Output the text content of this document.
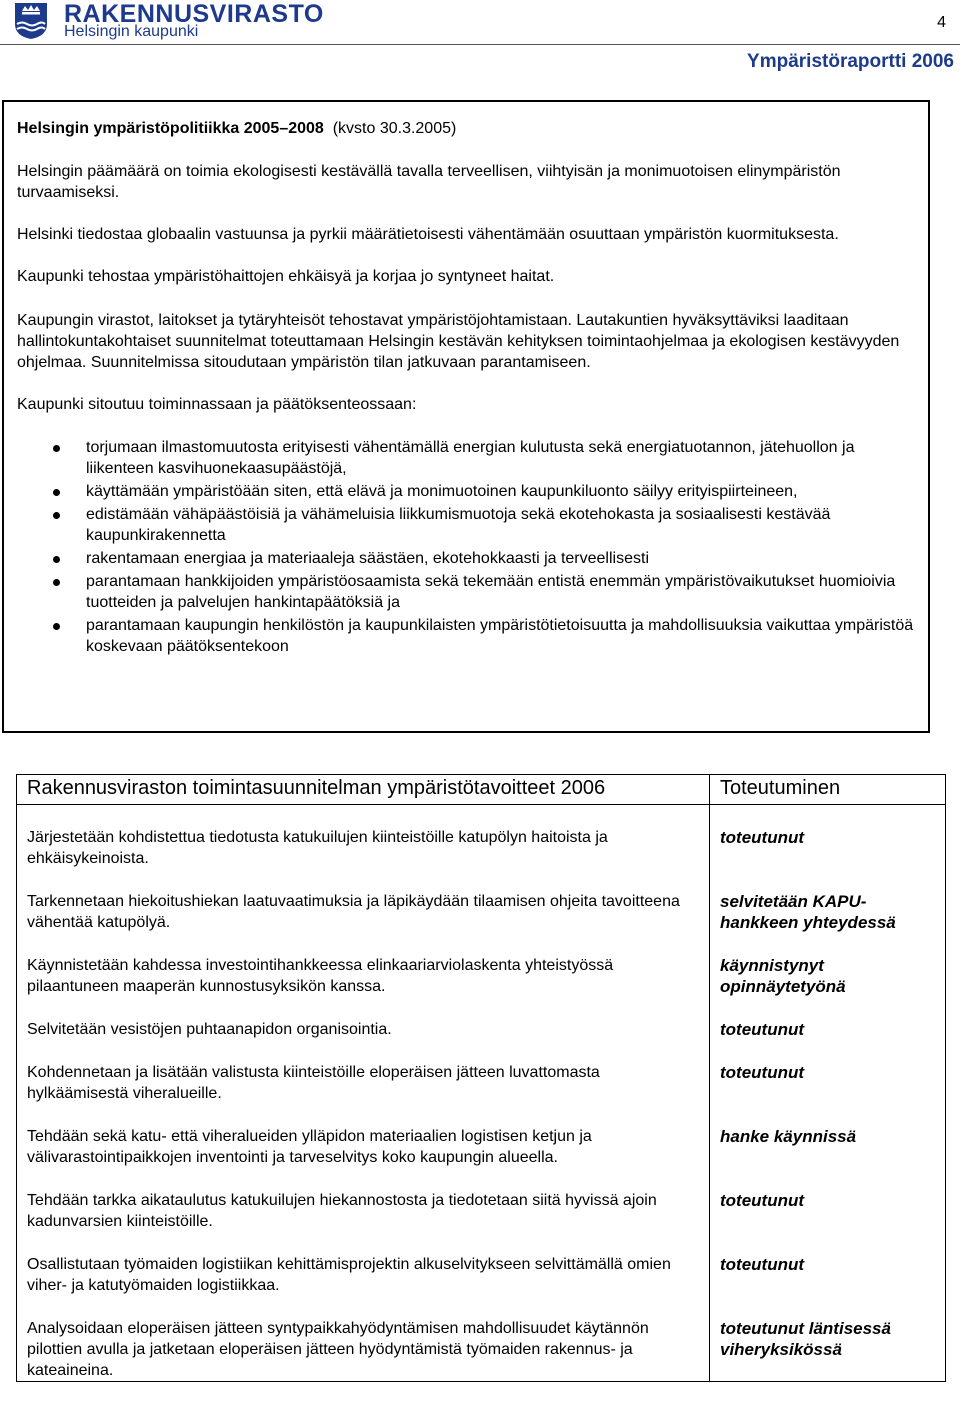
RAKENNUSVIRASTO
Helsingin kaupunki
4
Ympäristöraportti 2006
Helsingin ympäristöpolitiikka 2005–2008 (kvsto 30.3.2005)

Helsingin päämäärä on toimia ekologisesti kestävällä tavalla terveellisen, viihtyisän ja monimuotoisen elinympäristön turvaamiseksi.

Helsinki tiedostaa globaalin vastuunsa ja pyrkii määrätietoisesti vähentämään osuuttaan ympäristön kuormituksesta.

Kaupunki tehostaa ympäristöhaittojen ehkäisyä ja korjaa jo syntyneet haitat.

Kaupungin virastot, laitokset ja tytäryhteisöt tehostavat ympäristöjohtamistaan. Lautakuntien hyväksyttäviksi laaditaan hallintokuntakohtaiset suunnitelmat toteuttamaan Helsingin kestävän kehityksen toimintaohjelmaa ja ekologisen kestävyyden ohjelmaa. Suunnitelmissa sitoudutaan ympäristön tilan jatkuvaan parantamiseen.

Kaupunki sitoutuu toiminnassaan ja päätöksenteossaan:

torjumaan ilmastomuutosta erityisesti vähentämällä energian kulutusta sekä energiatuotannon, jätehuollon ja liikenteen kasvihuonekaasupäästöjä,
käyttämään ympäristöään siten, että elävä ja monimuotoinen kaupunkiluonto säilyy erityispiirteineen,
edistämään vähäpäästöisiä ja vähämeluisia liikkumismuotoja sekä ekotehokasta ja sosiaalisesti kestävää kaupunkirakennetta
rakentamaan energiaa ja materiaaleja säästäen, ekotehokkaasti ja terveellisesti
parantamaan hankkijoiden ympäristöosaamista sekä tekemään entistä enemmän ympäristövaikutukset huomioivia tuotteiden ja palvelujen hankintapäätöksiä ja
parantamaan kaupungin henkilöstön ja kaupunkilaisten ympäristötietoisuutta ja mahdollisuuksia vaikuttaa ympäristöä koskevaan päätöksentekoon
Rakennusviraston toimintasuunnitelman ympäristötavoitteet 2006	Toteutuminen
Järjestetään kohdistettua tiedotusta katukuilujen kiinteistöille katupölyn haitoista ja ehkäisykeinoista.	toteutunut
Tarkennetaan hiekoitushiekan laatuvaatimuksia ja läpikäydään tilaamisen ohjeita tavoitteena vähentää katupölyä.	selvitetään KAPU-hankkeen yhteydessä
Käynnistetään kahdessa investointihankkeessa elinkaariarviolaskenta yhteistyössä pilaantuneen maaperän kunnostusyksikön kanssa.	käynnistynyt opinnäytetyönä
Selvitetään vesistöjen puhtaanapidon organisointia.	toteutunut
Kohdennetaan ja lisätään valistusta kiinteistöille eloperäisen jätteen luvattomasta hylkäämisestä viheralueille.	toteutunut
Tehdään sekä katu- että viheralueiden ylläpidon materiaalien logistisen ketjun ja välivarastointipaikkojen inventointi ja tarveselvitys koko kaupungin alueella.	hanke käynnissä
Tehdään tarkka aikataulutus katukuilujen hiekannostosta ja tiedotetaan siitä hyvissä ajoin kadunvarsien kiinteistöille.	toteutunut
Osallistutaan työmaiden logistiikan kehittämisprojektin alkuselvitykseen selvittämällä omien viher- ja katutyömaiden logistiikkaa.	toteutunut
Analysoidaan eloperäisen jätteen syntypaikkahyödyntämisen mahdollisuudet käytännön pilottien avulla ja jatketaan eloperäisen jätteen hyödyntämistä työmaiden rakennus- ja kateaineina.	toteutunut läntisessä viheryksikössä
